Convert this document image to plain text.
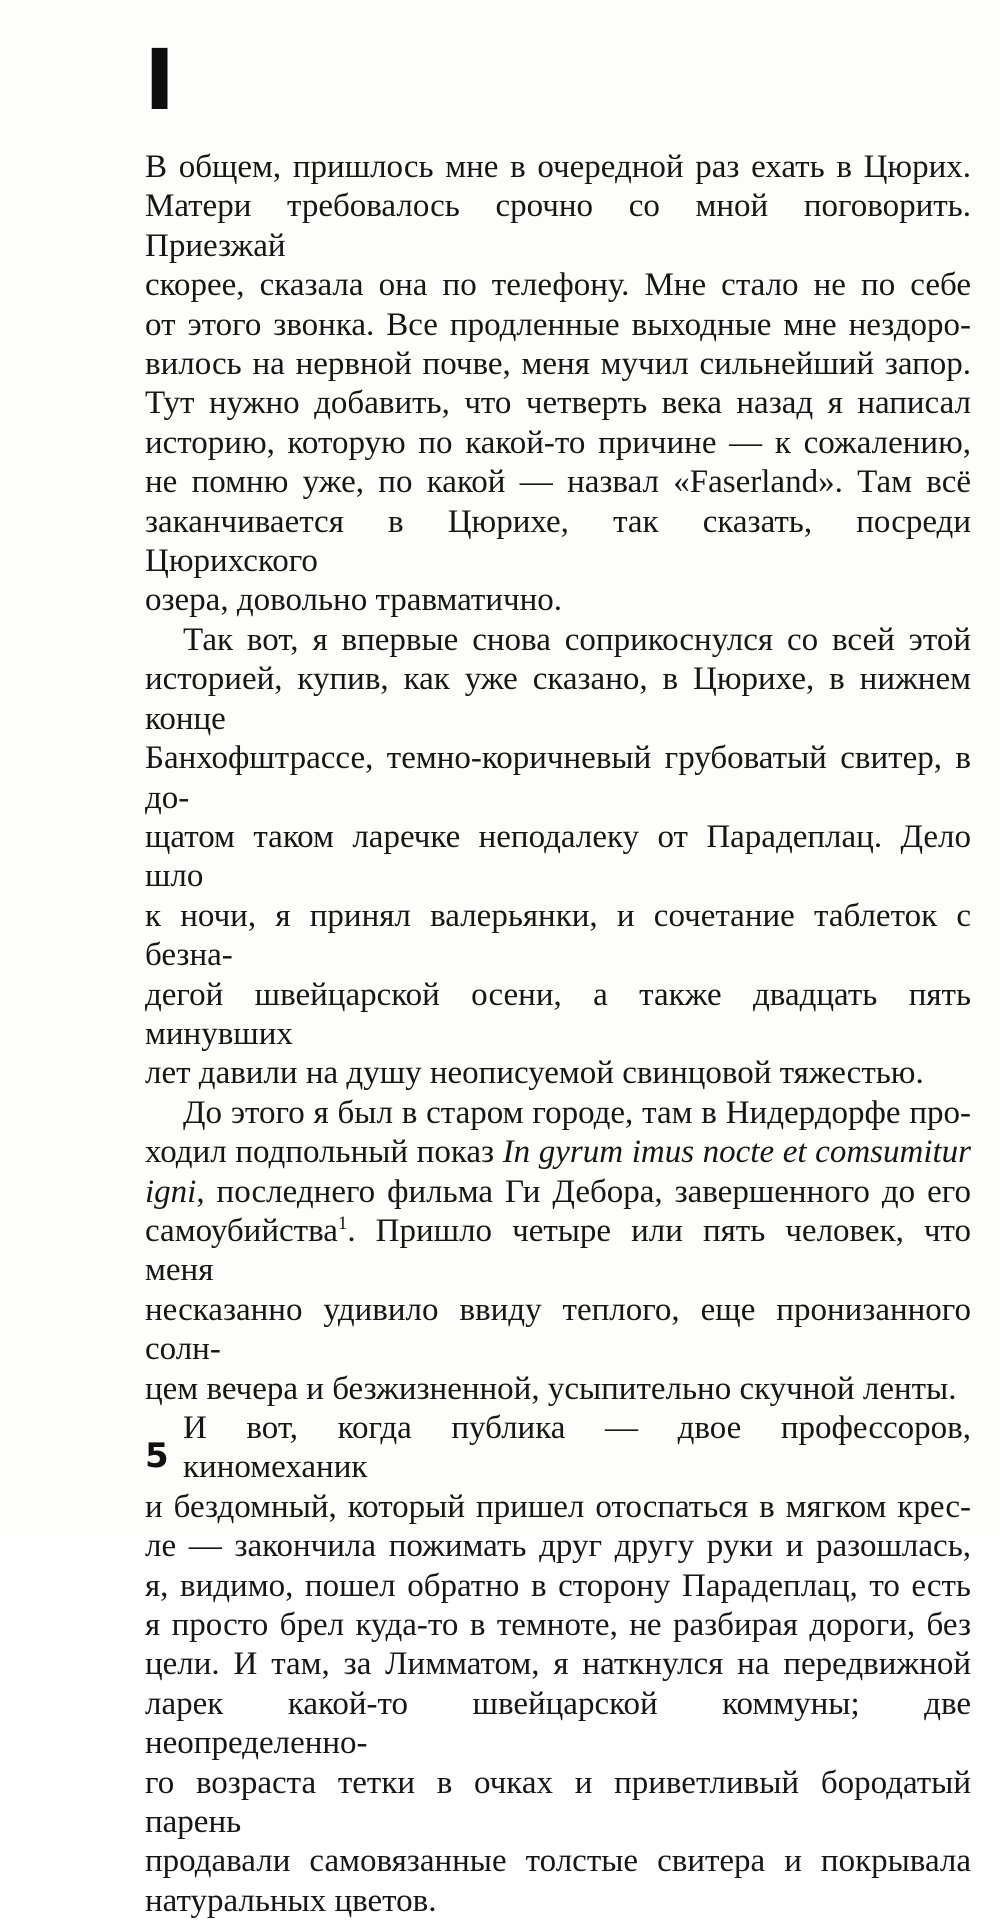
I

В общем, пришлось мне в очередной раз ехать в Цюрих.
Матери требовалось срочно со мной поговорить. Приезжай
скорее, сказала она по телефону. Мне стало не по себе
от этого звонка. Все продленные выходные мне нездоро-
вилось на нервной почве, меня мучил сильнейший запор.
Тут нужно добавить, что четверть века назад я написал
историю, которую по какой-то причине — к сожалению,
не помню уже, по какой — назвал «Faserland». Там всё
заканчивается в Цюрихе, так сказать, посреди Цюрихского
озера, довольно травматично.

Так вот, я впервые снова соприкоснулся со всей этой
историей, купив, как уже сказано, в Цюрихе, в нижнем конце
Банхофштрассе, темно-коричневый грубоватый свитер, в до-
щатом таком ларечке неподалеку от Парадеплац. Дело шло
к ночи, я принял валерьянки, и сочетание таблеток с безна-
дегой швейцарской осени, а также двадцать пять минувших
лет давили на душу неописуемой свинцовой тяжестью.

До этого я был в старом городе, там в Нидердорфе про-
ходил подпольный показ In gyrum imus nocte et comsumitur
igni, последнего фильма Ги Дебора, завершенного до его
самоубийства$^1$. Пришло четыре или пять человек, что меня
несказанно удивило ввиду теплого, еще пронизанного солн-
цем вечера и безжизненной, усыпительно скучной ленты.

И вот, когда публика — двое профессоров, киномеханик
и бездомный, который пришел отоспаться в мягком крес-
ле — закончила пожимать друг другу руки и разошлась,
я, видимо, пошел обратно в сторону Парадеплац, то есть
я просто брел куда-то в темноте, не разбирая дороги, без
цели. И там, за Лимматом, я наткнулся на передвижной
ларек какой-то швейцарской коммуны; две неопределенно-
го возраста тетки в очках и приветливый бородатый парень
продавали самовязанные толстые свитера и покрывала
натуральных цветов.

5
